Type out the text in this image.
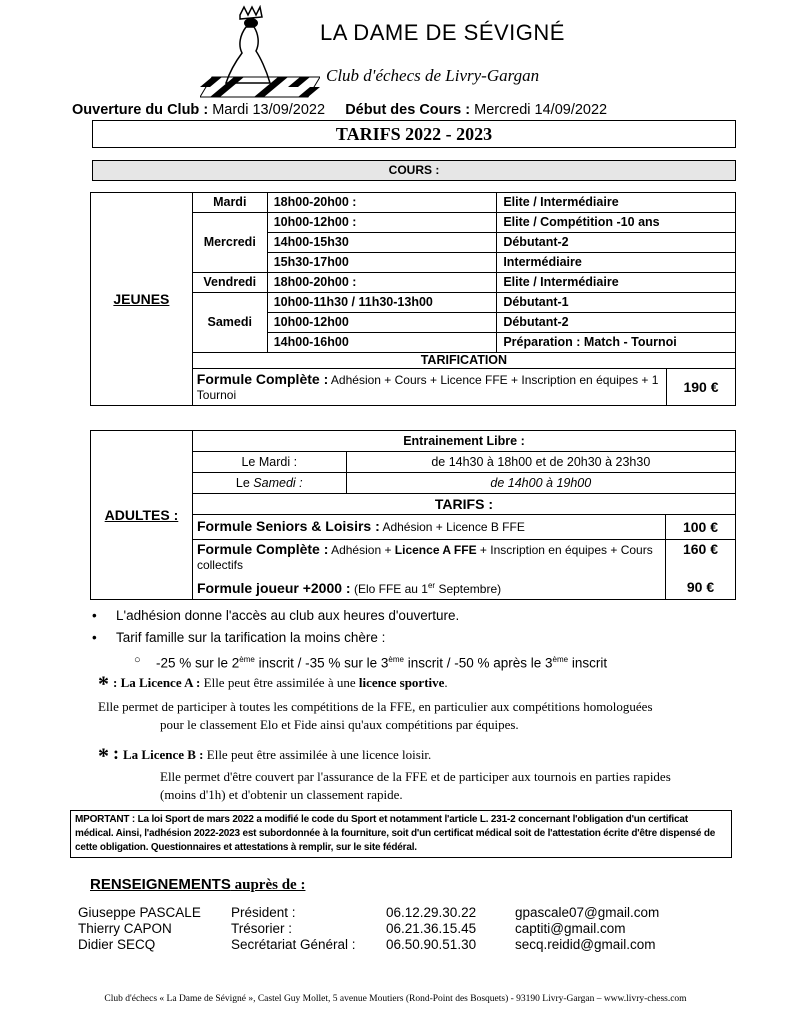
LA DAME DE SÉVIGNÉ
Club d'échecs de Livry-Gargan
Ouverture du Club : Mardi 13/09/2022 Début des Cours : Mercredi 14/09/2022
TARIFS 2022 - 2023
COURS :
JEUNES	Mardi	18h00-20h00 :	Elite / Intermédiaire	
	Mercredi	10h00-12h00 :	Elite / Compétition -10 ans	
		14h00-15h30	Débutant-2	
		15h30-17h00	Intermédiaire	
	Vendredi	18h00-20h00 :	Elite / Intermédiaire	
	Samedi	10h00-11h30 / 11h30-13h00	Débutant-1	
		10h00-12h00	Débutant-2	
		14h00-16h00	Préparation : Match - Tournoi	
	TARIFICATION			
	Formule Complète : Adhésion + Cours + Licence FFE + Inscription en équipes + 1 Tournoi			190 €
ADULTES :	Entrainement Libre :		
	Le Mardi :	de 14h30 à 18h00 et de 20h30 à 23h30	
	Le Samedi :	de 14h00 à 19h00	
	TARIFS :		
	Formule Seniors & Loisirs : Adhésion + Licence B FFE		100 €
	Formule Complète : Adhésion + Licence A FFE + Inscription en équipes + Cours collectifs		160 €
	Formule joueur +2000 : (Elo FFE au 1er Septembre)		90 €
• L'adhésion donne l'accès au club aux heures d'ouverture.
• Tarif famille sur la tarification la moins chère :
○ -25 % sur le 2ème inscrit / -35 % sur le 3ème inscrit / -50 % après le 3ème inscrit
* : La Licence A : Elle peut être assimilée à une licence sportive.
Elle permet de participer à toutes les compétitions de la FFE, en particulier aux compétitions homologuées
pour le classement Elo et Fide ainsi qu'aux compétitions par équipes.
* : La Licence B : Elle peut être assimilée à une licence loisir.
Elle permet d'être couvert par l'assurance de la FFE et de participer aux tournois en parties rapides
(moins d'1h) et d'obtenir un classement rapide.
MPORTANT : La loi Sport de mars 2022 a modifié le code du Sport et notamment l'article L. 231-2 concernant l'obligation d'un certificat médical. Ainsi, l'adhésion 2022-2023 est subordonnée à la fourniture, soit d'un certificat médical soit de l'attestation écrite d'être dispensé de cette obligation. Questionnaires et attestations à remplir, sur le site fédéral.
RENSEIGNEMENTS auprès de :
Giuseppe PASCALE Président :	06.12.29.30.22	gpascale07@gmail.com
Thierry CAPON	Trésorier :	06.21.36.15.45	captiti@gmail.com
Didier SECQ	Secrétariat Général : 06.50.90.51.30	secq.reidid@gmail.com
Club d'échecs « La Dame de Sévigné », Castel Guy Mollet, 5 avenue Moutiers (Rond-Point des Bosquets) - 93190 Livry-Gargan – www.livry-chess.com
